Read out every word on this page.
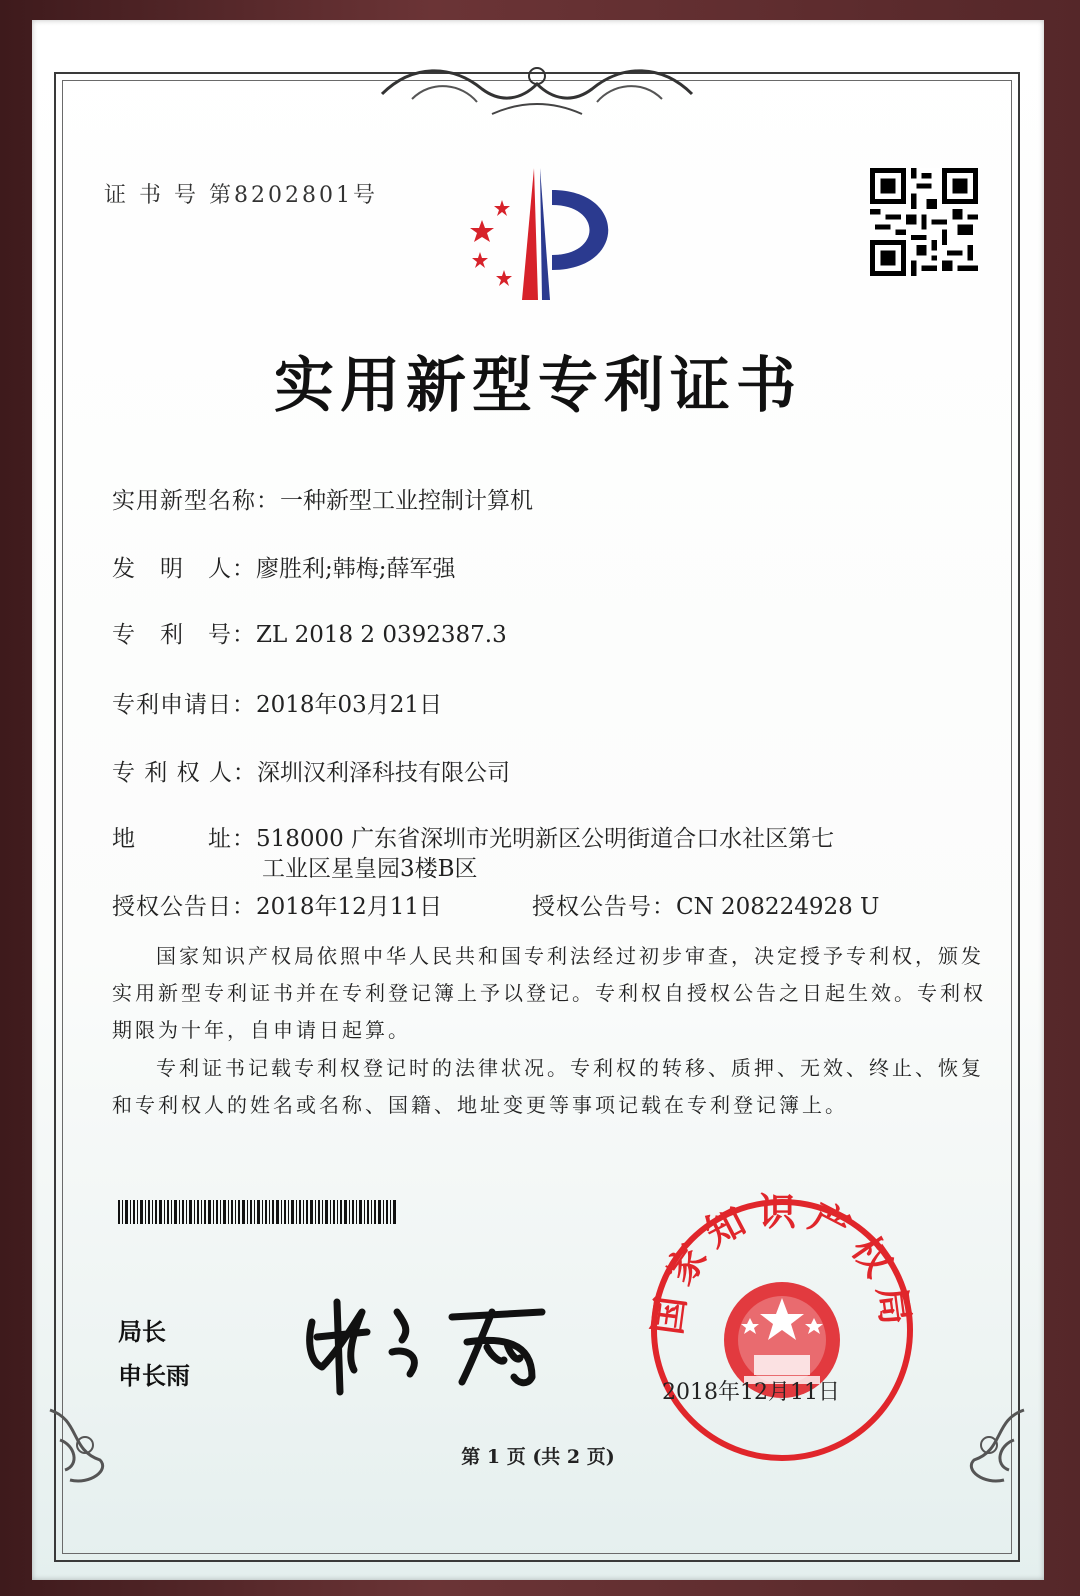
证 书 号 第8202801号
实用新型专利证书
实用新型名称：一种新型工业控制计算机
发　明　人：廖胜利;韩梅;薛军强
专　利　号：ZL 2018 2 0392387.3
专利申请日：2018年03月21日
专 利 权 人：深圳汉利泽科技有限公司
地　　　址：518000 广东省深圳市光明新区公明街道合口水社区第七
工业区星皇园3楼B区
授权公告日：2018年12月11日	授权公告号：CN 208224928 U
国家知识产权局依照中华人民共和国专利法经过初步审查，决定授予专利权，颁发实用新型专利证书并在专利登记簿上予以登记。专利权自授权公告之日起生效。专利权期限为十年，自申请日起算。
专利证书记载专利权登记时的法律状况。专利权的转移、质押、无效、终止、恢复和专利权人的姓名或名称、国籍、地址变更等事项记载在专利登记簿上。
局长
申长雨
国家知识产权局
2018年12月11日
第 1 页 (共 2 页)
